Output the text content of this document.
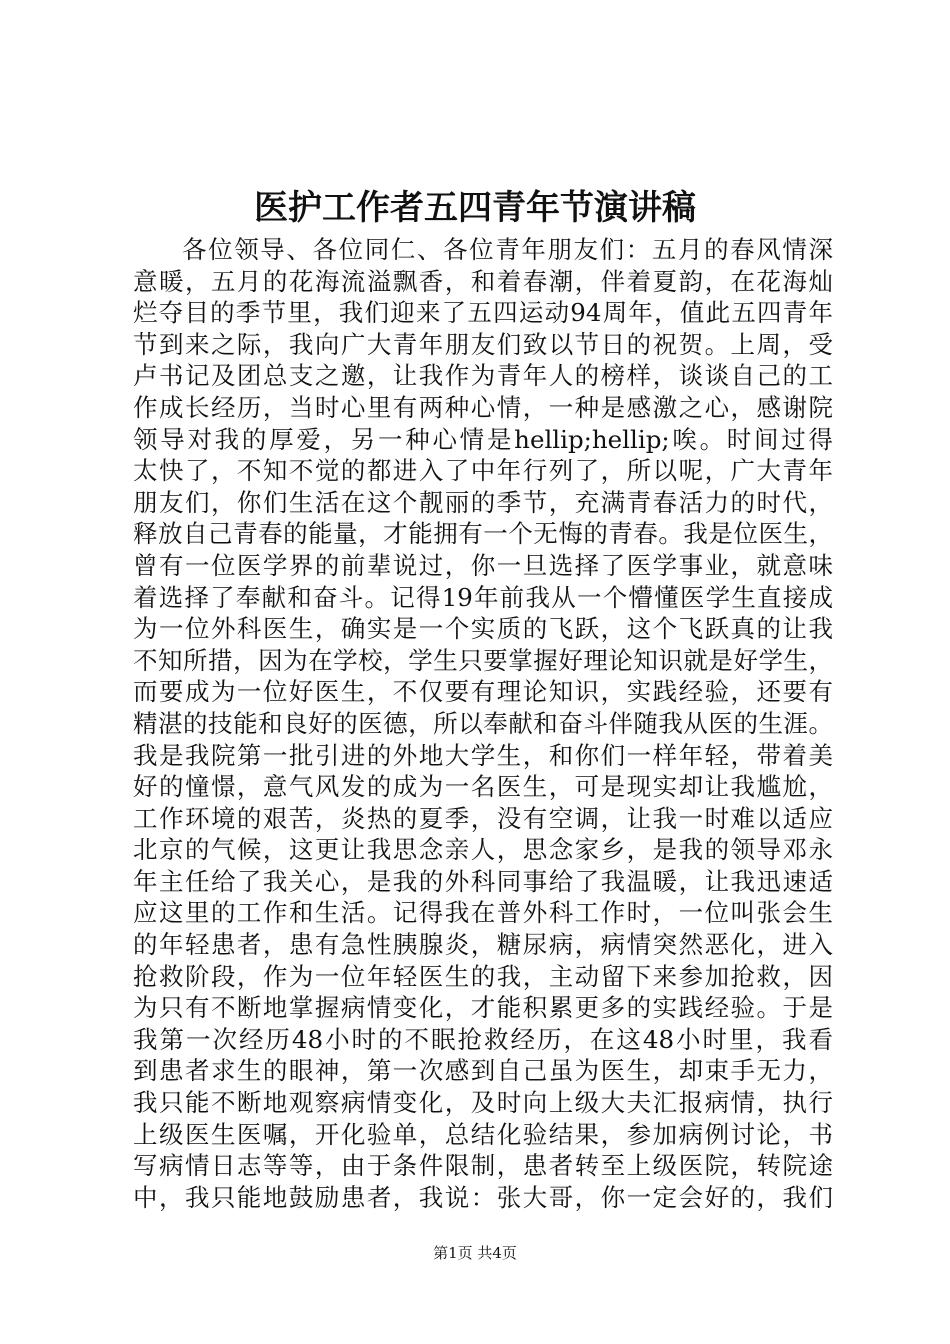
医护工作者五四青年节演讲稿
各位领导、各位同仁、各位青年朋友们：五月的春风情深
意暖，五月的花海流溢飘香，和着春潮，伴着夏韵，在花海灿
烂夺目的季节里，我们迎来了五四运动94周年，值此五四青年
节到来之际，我向广大青年朋友们致以节日的祝贺。上周，受
卢书记及团总支之邀，让我作为青年人的榜样，谈谈自己的工
作成长经历，当时心里有两种心情，一种是感激之心，感谢院
领导对我的厚爱，另一种心情是hellip;hellip;唉。时间过得
太快了，不知不觉的都进入了中年行列了，所以呢，广大青年
朋友们，你们生活在这个靓丽的季节，充满青春活力的时代，
释放自己青春的能量，才能拥有一个无悔的青春。我是位医生，
曾有一位医学界的前辈说过，你一旦选择了医学事业，就意味
着选择了奉献和奋斗。记得19年前我从一个懵懂医学生直接成
为一位外科医生，确实是一个实质的飞跃，这个飞跃真的让我
不知所措，因为在学校，学生只要掌握好理论知识就是好学生，
而要成为一位好医生，不仅要有理论知识，实践经验，还要有
精湛的技能和良好的医德，所以奉献和奋斗伴随我从医的生涯。
我是我院第一批引进的外地大学生，和你们一样年轻，带着美
好的憧憬，意气风发的成为一名医生，可是现实却让我尴尬，
工作环境的艰苦，炎热的夏季，没有空调，让我一时难以适应
北京的气候，这更让我思念亲人，思念家乡，是我的领导邓永
年主任给了我关心，是我的外科同事给了我温暖，让我迅速适
应这里的工作和生活。记得我在普外科工作时，一位叫张会生
的年轻患者，患有急性胰腺炎，糖尿病，病情突然恶化，进入
抢救阶段，作为一位年轻医生的我，主动留下来参加抢救，因
为只有不断地掌握病情变化，才能积累更多的实践经验。于是
我第一次经历48小时的不眠抢救经历，在这48小时里，我看
到患者求生的眼神，第一次感到自己虽为医生，却束手无力，
我只能不断地观察病情变化，及时向上级大夫汇报病情，执行
上级医生医嘱，开化验单，总结化验结果，参加病例讨论，书
写病情日志等等，由于条件限制，患者转至上级医院，转院途
中，我只能地鼓励患者，我说：张大哥，你一定会好的，我们
第1页 共4页
